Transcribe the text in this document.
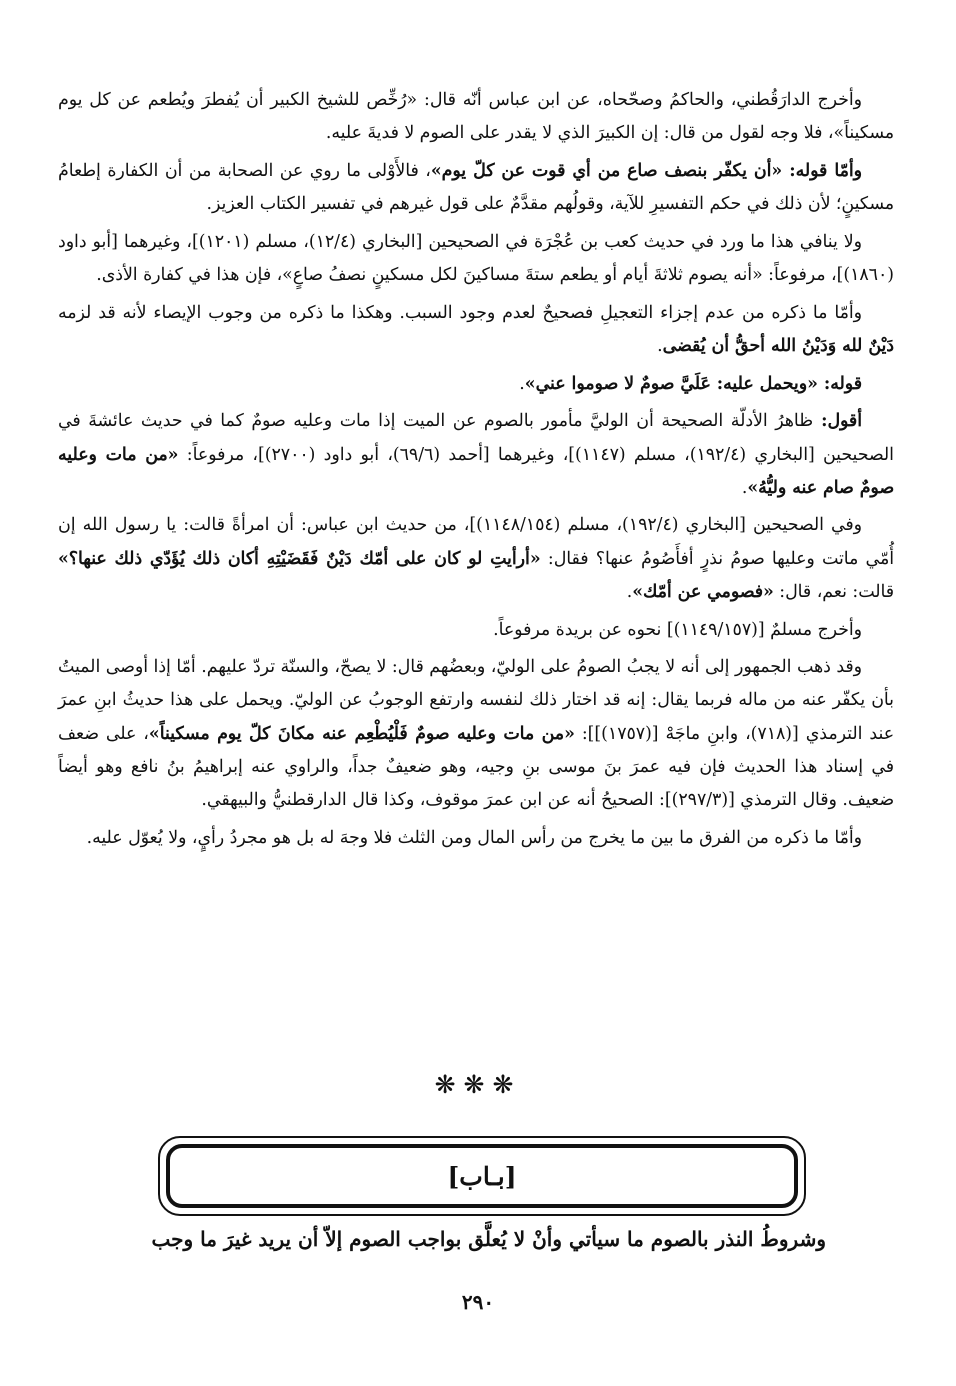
وأخرج الدارَقُطني، والحاكمُ وصحّحاه، عن ابن عباس أنّه قال: «رُخِّص للشيخ الكبير أن يُفطرَ ويُطعم عن كل يوم مسكيناً»، فلا وجه لقول من قال: إن الكبيرَ الذي لا يقدر على الصوم لا فديةَ عليه.

وأمّا قوله: «أن يكفّر بنصف صاع من أي قوت عن كلّ يوم»، فالأَوْلى ما روي عن الصحابة من أن الكفارة إطعامُ مسكينٍ؛ لأن ذلك في حكم التفسيرِ للآية، وقولُهم مقدَّمٌ على قول غيرهم في تفسير الكتاب العزيز.

ولا ينافي هذا ما ورد في حديث كعب بن عُجْرَة في الصحيحين [البخاري (١٢/٤)، مسلم (١٢٠١)]، وغيرهما [أبو داود (١٨٦٠)]، مرفوعاً: «أنه يصوم ثلاثةَ أيام أو يطعم ستةَ مساكينَ لكل مسكينٍ نصفُ صاعٍ»، فإن هذا في كفارة الأذى.

وأمّا ما ذكره من عدم إجزاء التعجيلِ فصحيحٌ لعدم وجود السبب. وهكذا ما ذكره من وجوب الإيصاء لأنه قد لزمه دَيْنٌ لله وَدَيْنُ الله أحقُّ أن يُقضى.

قوله: «ويحمل عليه: عَلَيَّ صومٌ لا صوموا عني».

أقول: ظاهرُ الأدلّة الصحيحة أن الوليَّ مأمور بالصوم عن الميت إذا مات وعليه صومٌ كما في حديث عائشةَ في الصحيحين [البخاري (١٩٢/٤)، مسلم (١١٤٧)]، وغيرهما [أحمد (٦٩/٦)، أبو داود (٢٧٠٠)]، مرفوعاً: «من مات وعليه صومٌ صام عنه وليُّهُ».

وفي الصحيحين [البخاري (١٩٢/٤)، مسلم (١١٤٨/١٥٤)]، من حديث ابن عباس: أن امرأةً قالت: يا رسول الله إن أُمّي ماتت وعليها صومُ نذرٍ أفأَصُومُ عنها؟ فقال: «أرأيتِ لو كان على أمّك دَيْنٌ فَقَضَيْتِهِ أكان ذلك يُؤَدّي ذلك عنها؟» قالت: نعم، قال: «فصومي عن أمّك».

وأخرج مسلمٌ [(١١٤٩/١٥٧)] نحوه عن بريدة مرفوعاً.

وقد ذهب الجمهور إلى أنه لا يجبُ الصومُ على الوليّ، وبعضُهم قال: لا يصحّ، والسنّة تردّ عليهم. أمّا إذا أوصى الميتُ بأن يكفّر عنه من ماله فربما يقال: إنه قد اختار ذلك لنفسه وارتفع الوجوبُ عن الوليّ. ويحمل على هذا حديثُ ابنِ عمرَ عند الترمذي [(٧١٨)، وابنِ ماجَهْ [(١٧٥٧)]]: «من مات وعليه صومٌ فَلْيُطْعِم عنه مكانَ كلّ يوم مسكيناً»، على ضعف في إسناد هذا الحديث فإن فيه عمرَ بنَ موسى بنِ وجيه، وهو ضعيفٌ جداً، والراوي عنه إبراهيمُ بنُ نافع وهو أيضاً ضعيف. وقال الترمذي [(٢٩٧/٣)]: الصحيحُ أنه عن ابن عمرَ موقوف، وكذا قال الدارقطنيُّ والبيهقي.

وأمّا ما ذكره من الفرق ما بين ما يخرج من رأس المال ومن الثلث فلا وجهَ له بل هو مجردُ رأيٍ، ولا يُعوّل عليه.

❋❋❋
[بـاب]
وشروطُ النذر بالصوم ما سيأتي وأنْ لا يُعلَّق بواجب الصوم إلاّ أن يريد غيرَ ما وجب
٢٩٠
